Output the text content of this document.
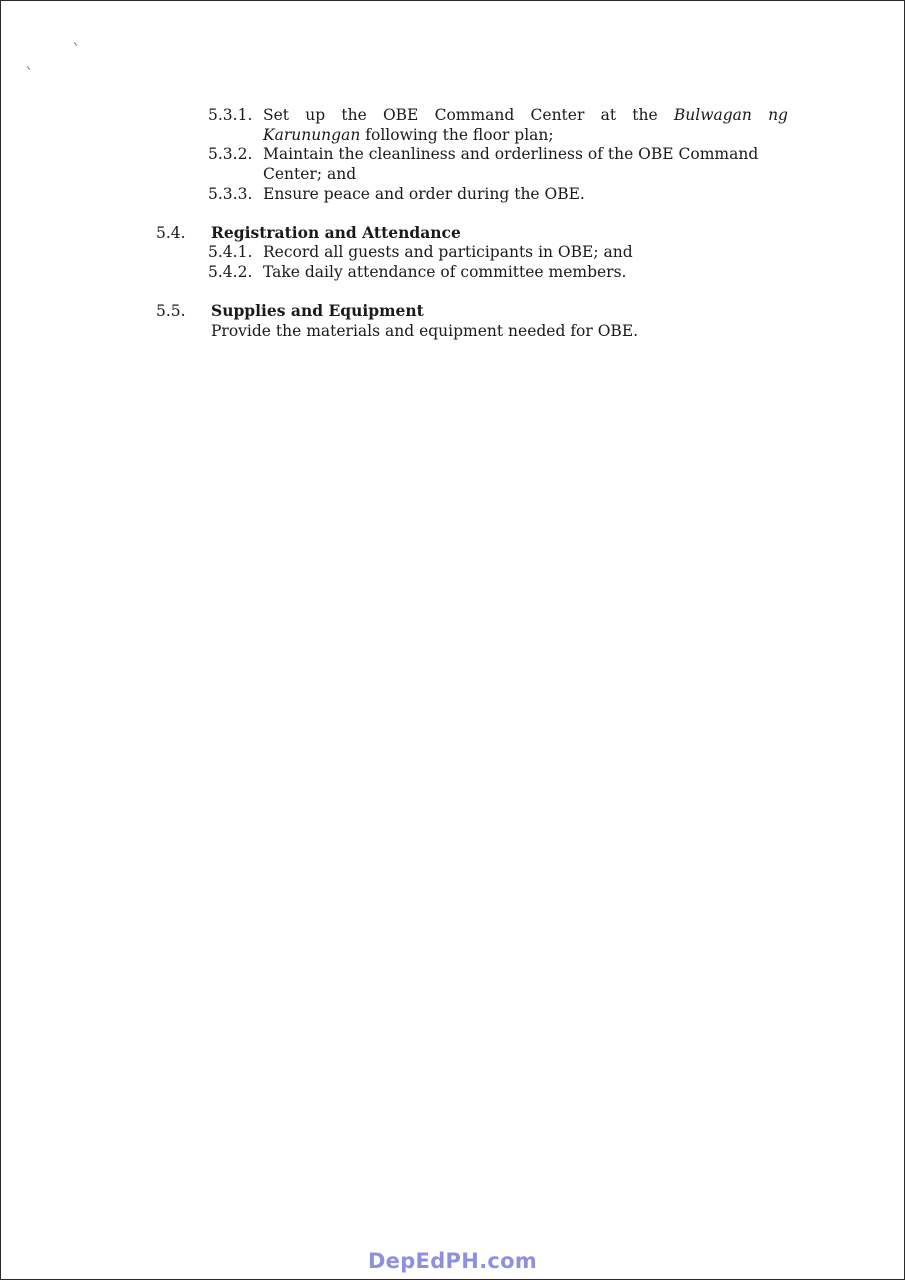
5.3.1. Set up the OBE Command Center at the Bulwagan ng
Karunungan following the floor plan;
5.3.2. Maintain the cleanliness and orderliness of the OBE Command
Center; and
5.3.3. Ensure peace and order during the OBE.
5.4. Registration and Attendance
5.4.1. Record all guests and participants in OBE; and
5.4.2. Take daily attendance of committee members.
5.5. Supplies and Equipment
Provide the materials and equipment needed for OBE.
DepEdPH.com
